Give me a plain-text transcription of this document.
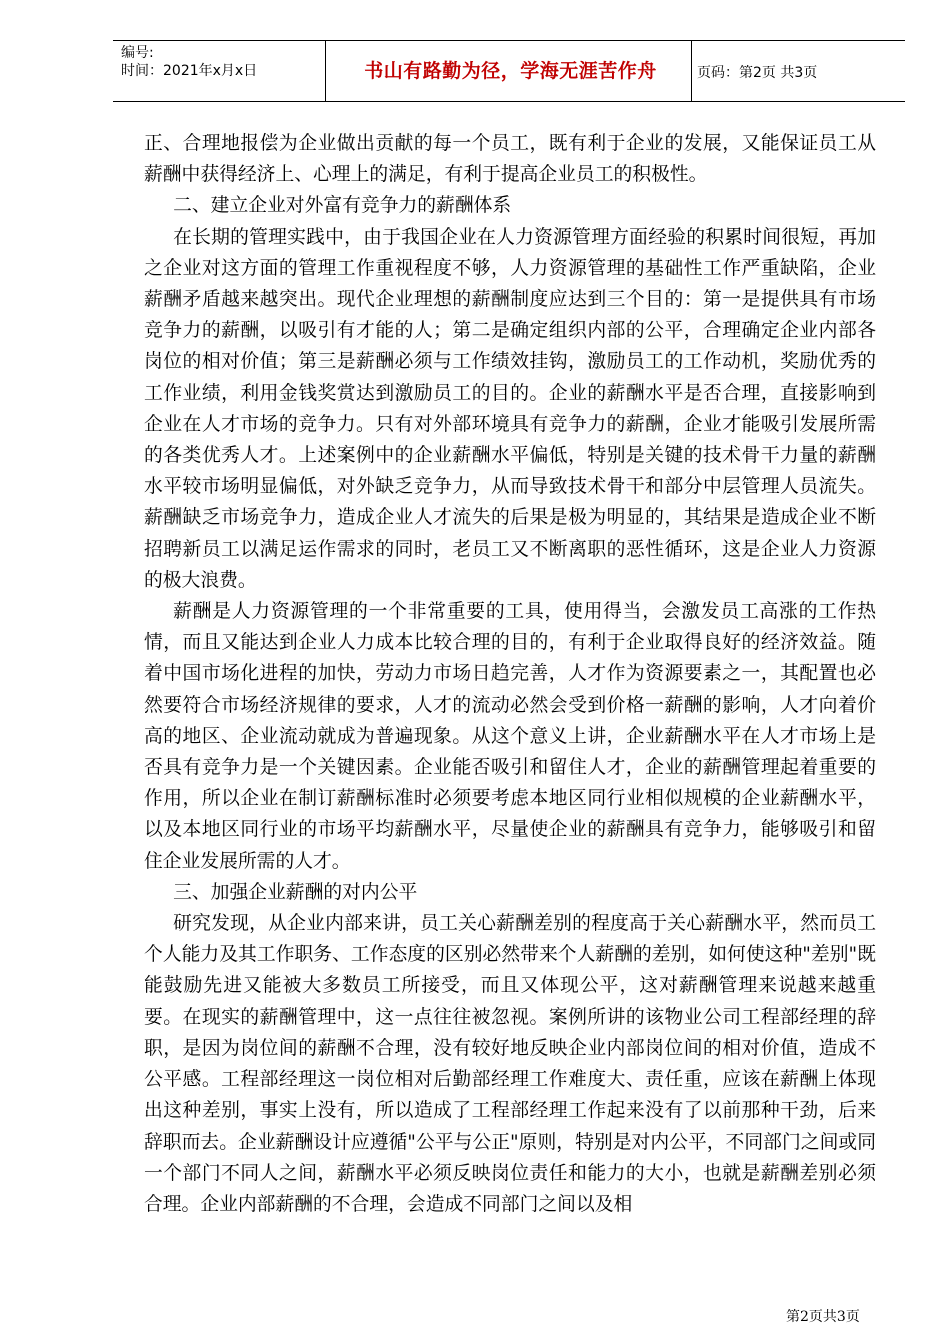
编号:
时间：2021年x月x日	书山有路勤为径，学海无涯苦作舟	页码：第2页 共3页

正、合理地报偿为企业做出贡献的每一个员工，既有利于企业的发展，又能保证员工从薪酬中获得经济上、心理上的满足，有利于提高企业员工的积极性。

二、建立企业对外富有竞争力的薪酬体系

在长期的管理实践中，由于我国企业在人力资源管理方面经验的积累时间很短，再加之企业对这方面的管理工作重视程度不够，人力资源管理的基础性工作严重缺陷，企业薪酬矛盾越来越突出。现代企业理想的薪酬制度应达到三个目的：第一是提供具有市场竞争力的薪酬，以吸引有才能的人；第二是确定组织内部的公平，合理确定企业内部各岗位的相对价值；第三是薪酬必须与工作绩效挂钩，激励员工的工作动机，奖励优秀的工作业绩，利用金钱奖赏达到激励员工的目的。企业的薪酬水平是否合理，直接影响到企业在人才市场的竞争力。只有对外部环境具有竞争力的薪酬，企业才能吸引发展所需的各类优秀人才。上述案例中的企业薪酬水平偏低，特别是关键的技术骨干力量的薪酬水平较市场明显偏低，对外缺乏竞争力，从而导致技术骨干和部分中层管理人员流失。薪酬缺乏市场竞争力，造成企业人才流失的后果是极为明显的，其结果是造成企业不断招聘新员工以满足运作需求的同时，老员工又不断离职的恶性循环，这是企业人力资源的极大浪费。

薪酬是人力资源管理的一个非常重要的工具，使用得当，会激发员工高涨的工作热情，而且又能达到企业人力成本比较合理的目的，有利于企业取得良好的经济效益。随着中国市场化进程的加快，劳动力市场日趋完善，人才作为资源要素之一，其配置也必然要符合市场经济规律的要求，人才的流动必然会受到价格一薪酬的影响，人才向着价高的地区、企业流动就成为普遍现象。从这个意义上讲，企业薪酬水平在人才市场上是否具有竞争力是一个关键因素。企业能否吸引和留住人才，企业的薪酬管理起着重要的作用，所以企业在制订薪酬标准时必须要考虑本地区同行业相似规模的企业薪酬水平，以及本地区同行业的市场平均薪酬水平，尽量使企业的薪酬具有竞争力，能够吸引和留住企业发展所需的人才。

三、加强企业薪酬的对内公平

研究发现，从企业内部来讲，员工关心薪酬差别的程度高于关心薪酬水平，然而员工个人能力及其工作职务、工作态度的区别必然带来个人薪酬的差别，如何使这种"差别"既能鼓励先进又能被大多数员工所接受，而且又体现公平，这对薪酬管理来说越来越重要。在现实的薪酬管理中，这一点往往被忽视。案例所讲的该物业公司工程部经理的辞职，是因为岗位间的薪酬不合理，没有较好地反映企业内部岗位间的相对价值，造成不公平感。工程部经理这一岗位相对后勤部经理工作难度大、责任重，应该在薪酬上体现出这种差别，事实上没有，所以造成了工程部经理工作起来没有了以前那种干劲，后来辞职而去。企业薪酬设计应遵循"公平与公正"原则，特别是对内公平，不同部门之间或同一个部门不同人之间，薪酬水平必须反映岗位责任和能力的大小，也就是薪酬差别必须合理。企业内部薪酬的不合理，会造成不同部门之间以及相

第2页共3页
